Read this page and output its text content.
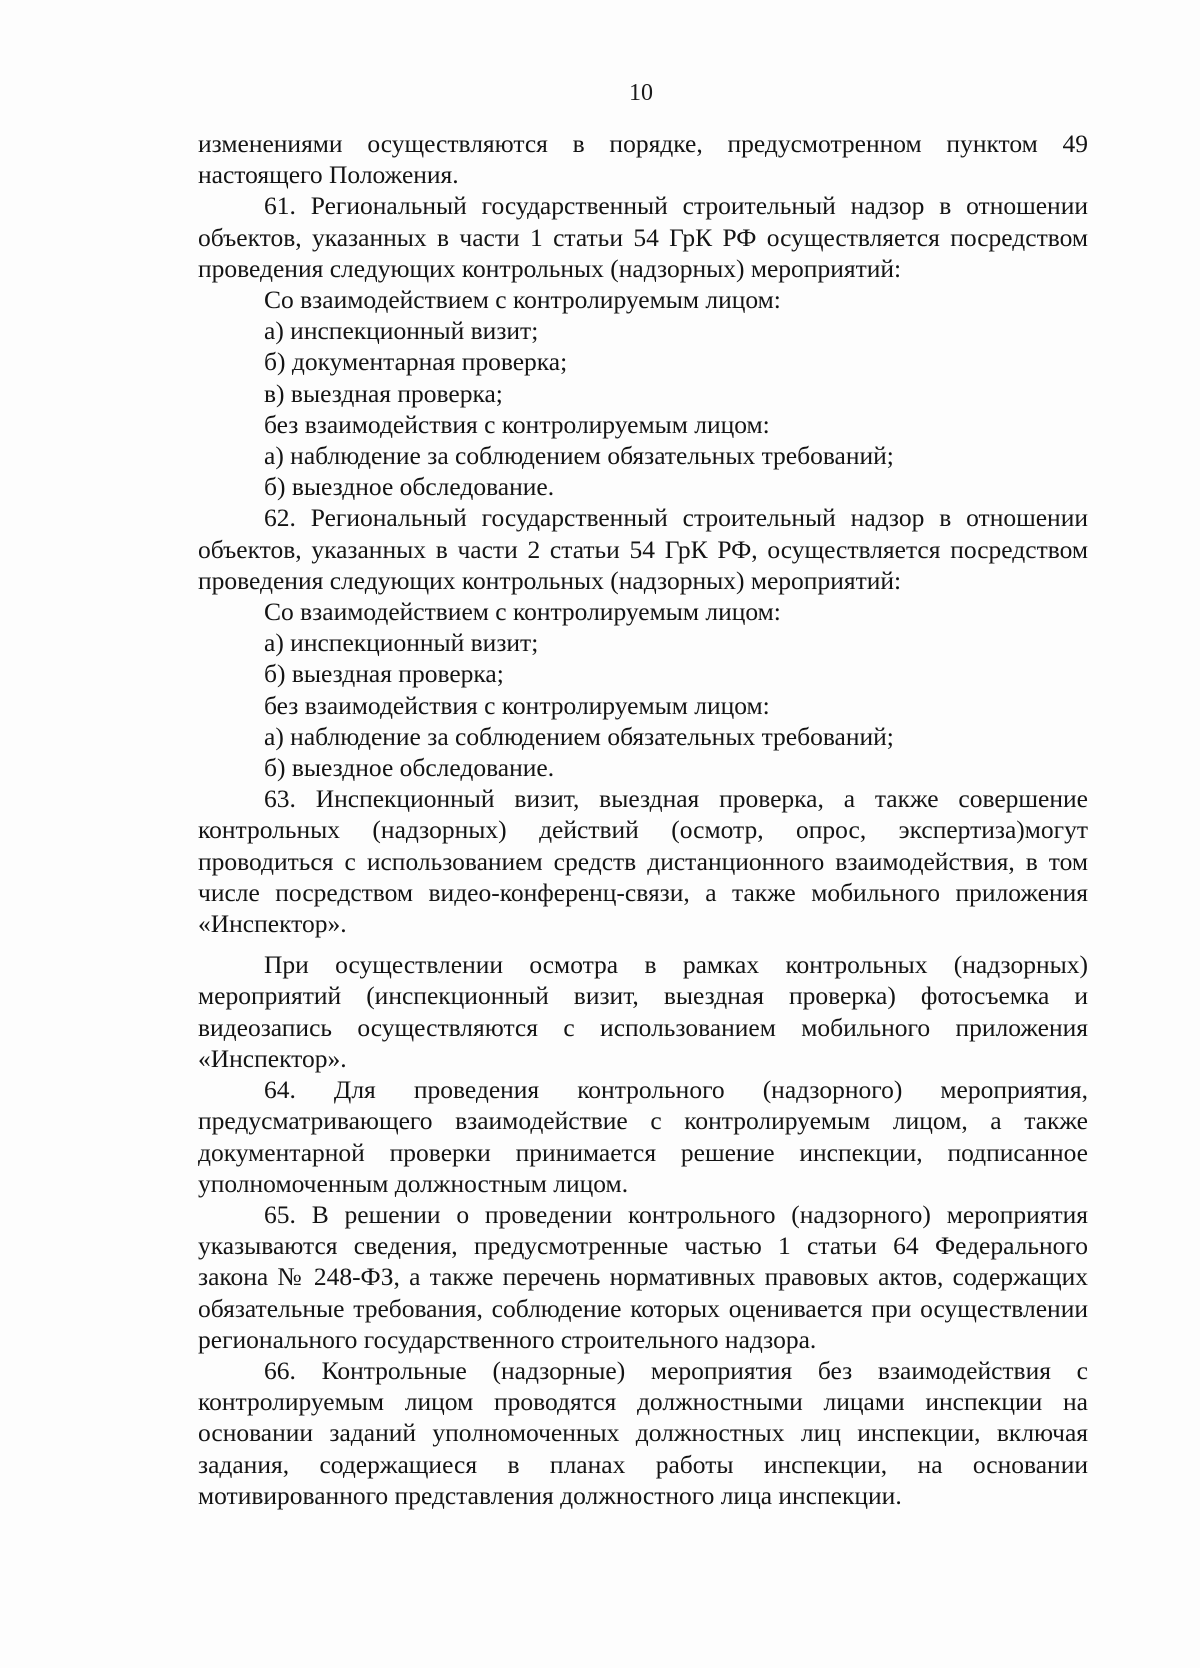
10

изменениями осуществляются в порядке, предусмотренном пунктом 49 настоящего Положения.

61. Региональный государственный строительный надзор в отношении объектов, указанных в части 1 статьи 54 ГрК РФ осуществляется посредством проведения следующих контрольных (надзорных) мероприятий:

Со взаимодействием с контролируемым лицом:

а) инспекционный визит;

б) документарная проверка;

в) выездная проверка;

без взаимодействия с контролируемым лицом:

а) наблюдение за соблюдением обязательных требований;

б) выездное обследование.

62. Региональный государственный строительный надзор в отношении объектов, указанных в части 2 статьи 54 ГрК РФ, осуществляется посредством проведения следующих контрольных (надзорных) мероприятий:

Со взаимодействием с контролируемым лицом:

а) инспекционный визит;

б) выездная проверка;

без взаимодействия с контролируемым лицом:

а) наблюдение за соблюдением обязательных требований;

б) выездное обследование.

63. Инспекционный визит, выездная проверка, а также совершение контрольных (надзорных) действий (осмотр, опрос, экспертиза)могут проводиться с использованием средств дистанционного взаимодействия, в том числе посредством видео-конференц-связи, а также мобильного приложения «Инспектор».

При осуществлении осмотра в рамках контрольных (надзорных) мероприятий (инспекционный визит, выездная проверка) фотосъемка и видеозапись осуществляются с использованием мобильного приложения «Инспектор».

64. Для проведения контрольного (надзорного) мероприятия, предусматривающего взаимодействие с контролируемым лицом, а также документарной проверки принимается решение инспекции, подписанное уполномоченным должностным лицом.

65. В решении о проведении контрольного (надзорного) мероприятия указываются сведения, предусмотренные частью 1 статьи 64 Федерального закона № 248-ФЗ, а также перечень нормативных правовых актов, содержащих обязательные требования, соблюдение которых оценивается при осуществлении регионального государственного строительного надзора.

66. Контрольные (надзорные) мероприятия без взаимодействия с контролируемым лицом проводятся должностными лицами инспекции на основании заданий уполномоченных должностных лиц инспекции, включая задания, содержащиеся в планах работы инспекции, на основании мотивированного представления должностного лица инспекции.
